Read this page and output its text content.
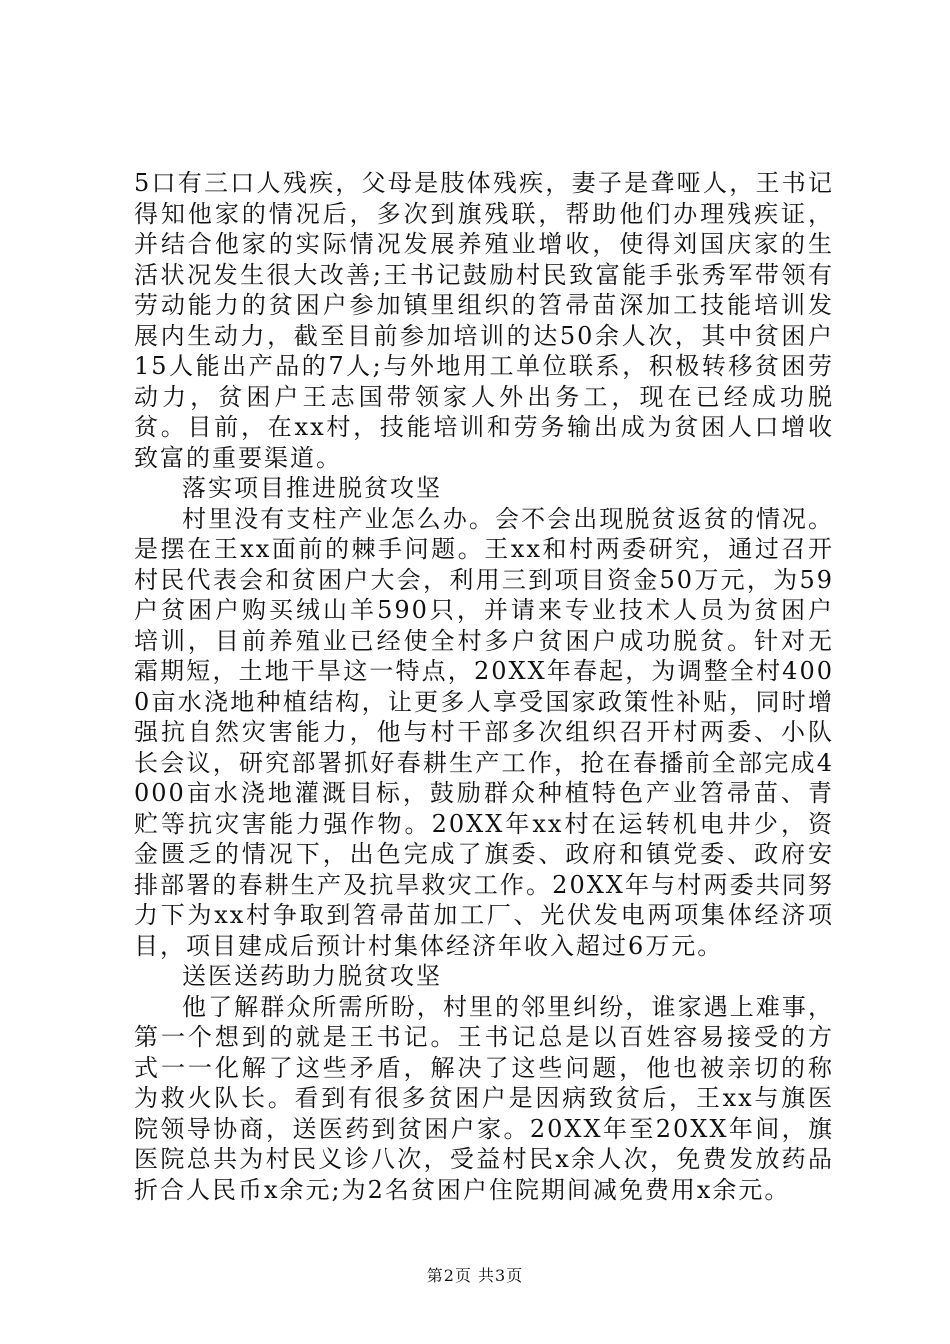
5口有三口人残疾，父母是肢体残疾，妻子是聋哑人，王书记得知他家的情况后，多次到旗残联，帮助他们办理残疾证，并结合他家的实际情况发展养殖业增收，使得刘国庆家的生活状况发生很大改善;王书记鼓励村民致富能手张秀军带领有劳动能力的贫困户参加镇里组织的笤帚苗深加工技能培训发展内生动力，截至目前参加培训的达50余人次，其中贫困户15人能出产品的7人;与外地用工单位联系，积极转移贫困劳动力，贫困户王志国带领家人外出务工，现在已经成功脱贫。目前，在xx村，技能培训和劳务输出成为贫困人口增收致富的重要渠道。

落实项目推进脱贫攻坚

村里没有支柱产业怎么办。会不会出现脱贫返贫的情况。是摆在王xx面前的棘手问题。王xx和村两委研究，通过召开村民代表会和贫困户大会，利用三到项目资金50万元，为59户贫困户购买绒山羊590只，并请来专业技术人员为贫困户培训，目前养殖业已经使全村多户贫困户成功脱贫。针对无霜期短，土地干旱这一特点，20XX年春起，为调整全村4000亩水浇地种植结构，让更多人享受国家政策性补贴，同时增强抗自然灾害能力，他与村干部多次组织召开村两委、小队长会议，研究部署抓好春耕生产工作，抢在春播前全部完成4000亩水浇地灌溉目标，鼓励群众种植特色产业笤帚苗、青贮等抗灾害能力强作物。20XX年xx村在运转机电井少，资金匮乏的情况下，出色完成了旗委、政府和镇党委、政府安排部署的春耕生产及抗旱救灾工作。20XX年与村两委共同努力下为xx村争取到笤帚苗加工厂、光伏发电两项集体经济项目，项目建成后预计村集体经济年收入超过6万元。

送医送药助力脱贫攻坚

他了解群众所需所盼，村里的邻里纠纷，谁家遇上难事，第一个想到的就是王书记。王书记总是以百姓容易接受的方式一一化解了这些矛盾，解决了这些问题，他也被亲切的称为救火队长。看到有很多贫困户是因病致贫后，王xx与旗医院领导协商，送医药到贫困户家。20XX年至20XX年间，旗医院总共为村民义诊八次，受益村民x余人次，免费发放药品折合人民币x余元;为2名贫困户住院期间减免费用x余元。

第2页 共3页
